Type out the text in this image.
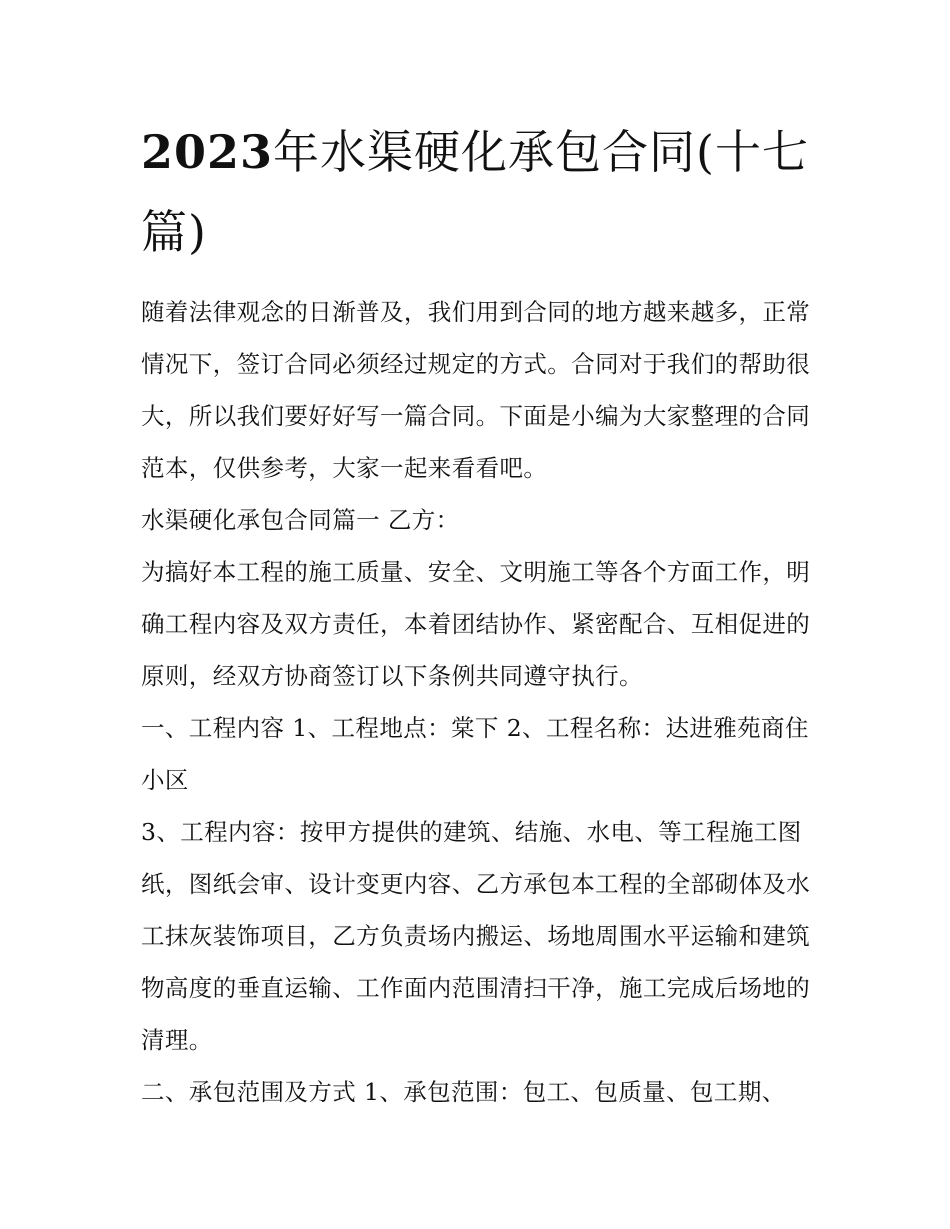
2023年水渠硬化承包合同(十七篇)

随着法律观念的日渐普及，我们用到合同的地方越来越多，正常情况下，签订合同必须经过规定的方式。合同对于我们的帮助很大，所以我们要好好写一篇合同。下面是小编为大家整理的合同范本，仅供参考，大家一起来看看吧。

水渠硬化承包合同篇一 乙方：

为搞好本工程的施工质量、安全、文明施工等各个方面工作，明确工程内容及双方责任，本着团结协作、紧密配合、互相促进的原则，经双方协商签订以下条例共同遵守执行。

一、工程内容 1、工程地点：棠下 2、工程名称：达进雅苑商住小区

3、工程内容：按甲方提供的建筑、结施、水电、等工程施工图纸，图纸会审、设计变更内容、乙方承包本工程的全部砌体及水工抹灰装饰项目，乙方负责场内搬运、场地周围水平运输和建筑物高度的垂直运输、工作面内范围清扫干净，施工完成后场地的清理。

二、承包范围及方式 1、承包范围：包工、包质量、包工期、
